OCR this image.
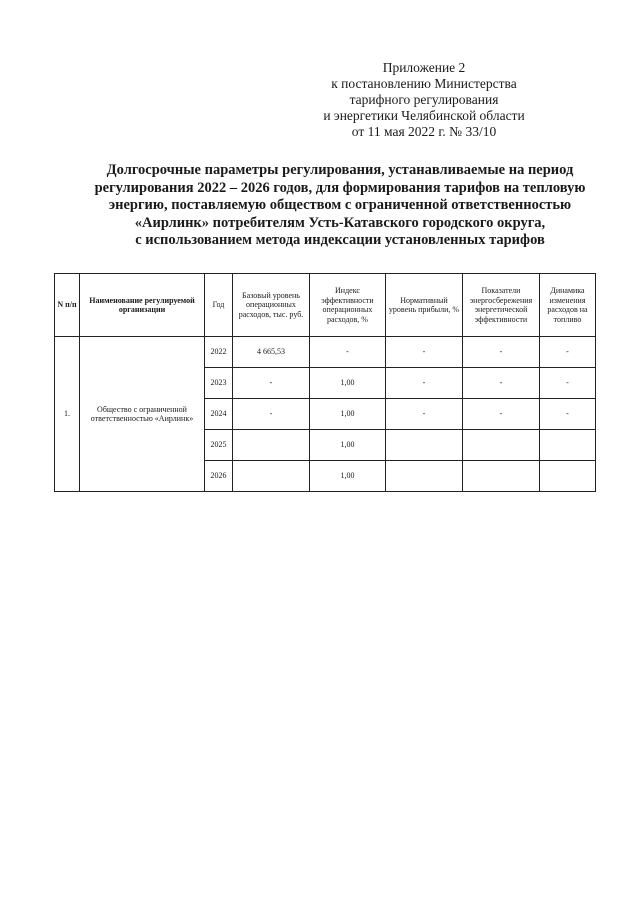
Приложение 2
к постановлению Министерства
тарифного регулирования
и энергетики Челябинской области
от 11 мая 2022 г. № 33/10
Долгосрочные параметры регулирования, устанавливаемые на период
регулирования 2022 – 2026 годов, для формирования тарифов на тепловую
энергию, поставляемую обществом с ограниченной ответственностью
«Аирлинк» потребителям Усть-Катавского городского округа,
с использованием метода индексации установленных тарифов
N п/п	Наименование регулируемой организации	Год	Базовый уровень операционных расходов, тыс. руб.	Индекс эффективности операционных расходов, %	Нормативный уровень прибыли, %	Показатели энергосбережения энергетической эффективности	Динамика изменения расходов на топливо
1.	Общество с ограниченной ответственностью «Аирлинк»	2022	4 665,53	-	-	-	-
		2023	-	1,00	-	-	-
		2024	-	1,00	-	-	-
		2025		1,00			
		2026		1,00			
